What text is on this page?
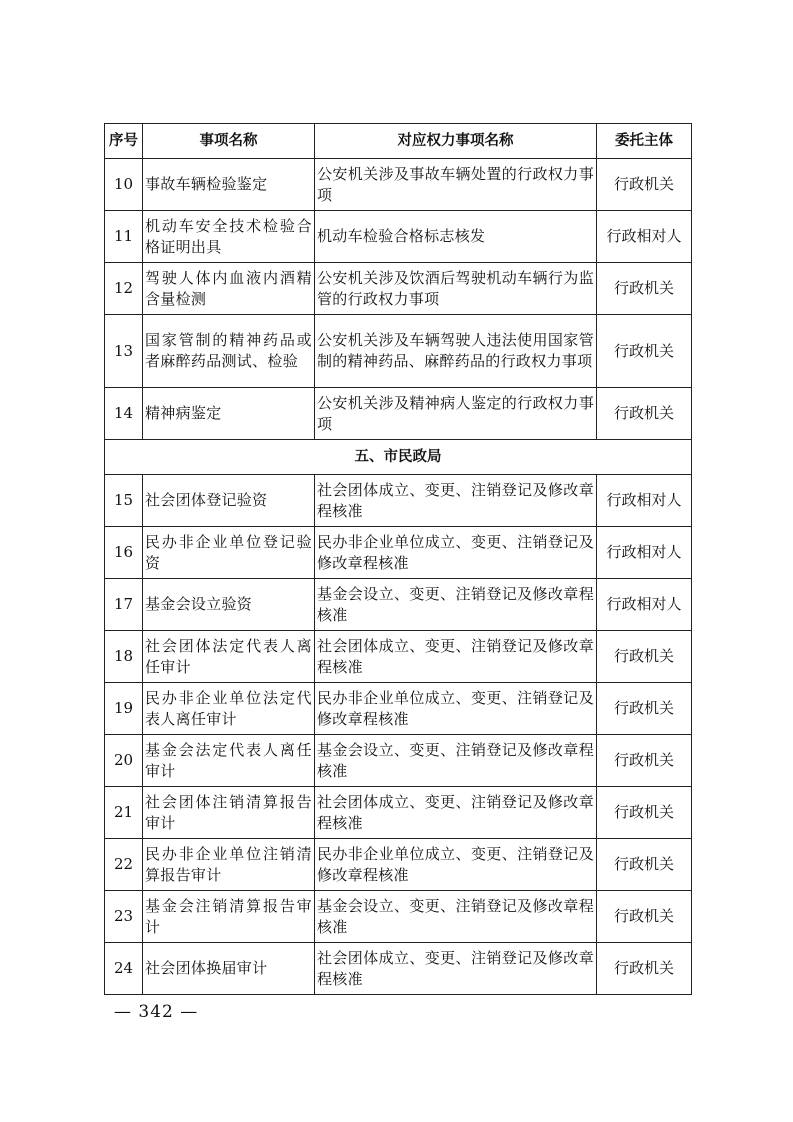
序号	事项名称	对应权力事项名称	委托主体
10	事故车辆检验鉴定	公安机关涉及事故车辆处置的行政权力事项	行政机关
11	机动车安全技术检验合格证明出具	机动车检验合格标志核发	行政相对人
12	驾驶人体内血液内酒精含量检测	公安机关涉及饮酒后驾驶机动车辆行为监管的行政权力事项	行政机关
13	国家管制的精神药品或者麻醉药品测试、检验	公安机关涉及车辆驾驶人违法使用国家管制的精神药品、麻醉药品的行政权力事项	行政机关
14	精神病鉴定	公安机关涉及精神病人鉴定的行政权力事项	行政机关
五、市民政局			
15	社会团体登记验资	社会团体成立、变更、注销登记及修改章程核准	行政相对人
16	民办非企业单位登记验资	民办非企业单位成立、变更、注销登记及修改章程核准	行政相对人
17	基金会设立验资	基金会设立、变更、注销登记及修改章程核准	行政相对人
18	社会团体法定代表人离任审计	社会团体成立、变更、注销登记及修改章程核准	行政机关
19	民办非企业单位法定代表人离任审计	民办非企业单位成立、变更、注销登记及修改章程核准	行政机关
20	基金会法定代表人离任审计	基金会设立、变更、注销登记及修改章程核准	行政机关
21	社会团体注销清算报告审计	社会团体成立、变更、注销登记及修改章程核准	行政机关
22	民办非企业单位注销清算报告审计	民办非企业单位成立、变更、注销登记及修改章程核准	行政机关
23	基金会注销清算报告审计	基金会设立、变更、注销登记及修改章程核准	行政机关
24	社会团体换届审计	社会团体成立、变更、注销登记及修改章程核准	行政机关
— 342 —
